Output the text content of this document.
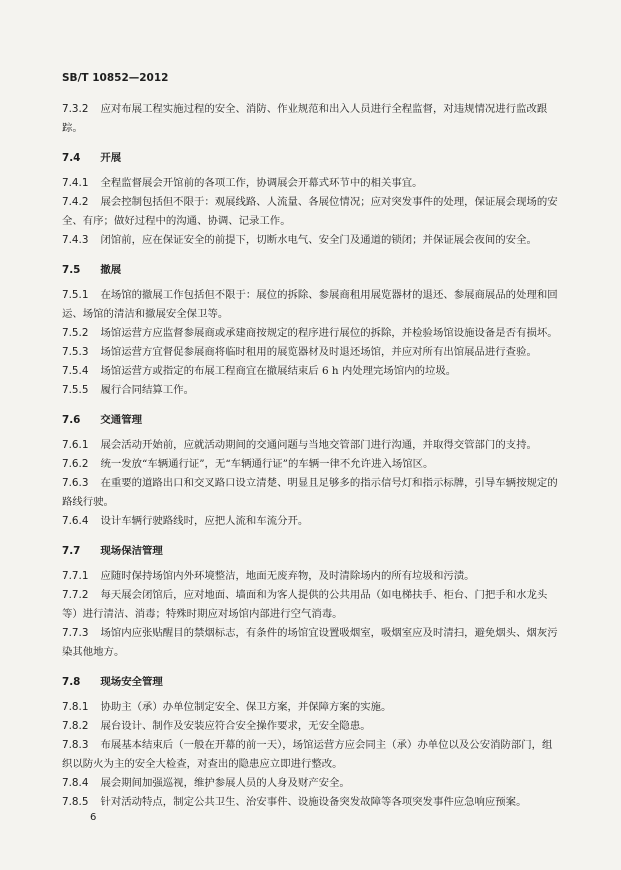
SB/T 10852—2012
7.3.2 应对布展工程实施过程的安全、消防、作业规范和出入人员进行全程监督，对违规情况进行监改跟踪。
7.4 开展
7.4.1 全程监督展会开馆前的各项工作，协调展会开幕式环节中的相关事宜。
7.4.2 展会控制包括但不限于：观展线路、人流量、各展位情况；应对突发事件的处理，保证展会现场的安全、有序；做好过程中的沟通、协调、记录工作。
7.4.3 闭馆前，应在保证安全的前提下，切断水电气、安全门及通道的锁闭；并保证展会夜间的安全。
7.5 撤展
7.5.1 在场馆的撤展工作包括但不限于：展位的拆除、参展商租用展览器材的退还、参展商展品的处理和回运、场馆的清洁和撤展安全保卫等。
7.5.2 场馆运营方应监督参展商或承建商按规定的程序进行展位的拆除，并检验场馆设施设备是否有损坏。
7.5.3 场馆运营方宜督促参展商将临时租用的展览器材及时退还场馆，并应对所有出馆展品进行查验。
7.5.4 场馆运营方或指定的布展工程商宜在撤展结束后 6 h 内处理完场馆内的垃圾。
7.5.5 履行合同结算工作。
7.6 交通管理
7.6.1 展会活动开始前，应就活动期间的交通问题与当地交管部门进行沟通，并取得交管部门的支持。
7.6.2 统一发放“车辆通行证”，无“车辆通行证”的车辆一律不允许进入场馆区。
7.6.3 在重要的道路出口和交叉路口设立清楚、明显且足够多的指示信号灯和指示标牌，引导车辆按规定的路线行驶。
7.6.4 设计车辆行驶路线时，应把人流和车流分开。
7.7 现场保洁管理
7.7.1 应随时保持场馆内外环境整洁，地面无废弃物，及时清除场内的所有垃圾和污渍。
7.7.2 每天展会闭馆后，应对地面、墙面和为客人提供的公共用品（如电梯扶手、柜台、门把手和水龙头等）进行清洁、消毒；特殊时期应对场馆内部进行空气消毒。
7.7.3 场馆内应张贴醒目的禁烟标志，有条件的场馆宜设置吸烟室，吸烟室应及时清扫，避免烟头、烟灰污染其他地方。
7.8 现场安全管理
7.8.1 协助主（承）办单位制定安全、保卫方案，并保障方案的实施。
7.8.2 展台设计、制作及安装应符合安全操作要求，无安全隐患。
7.8.3 布展基本结束后（一般在开幕的前一天），场馆运营方应会同主（承）办单位以及公安消防部门，组织以防火为主的安全大检查，对查出的隐患应立即进行整改。
7.8.4 展会期间加强巡视，维护参展人员的人身及财产安全。
7.8.5 针对活动特点，制定公共卫生、治安事件、设施设备突发故障等各项突发事件应急响应预案。
6
